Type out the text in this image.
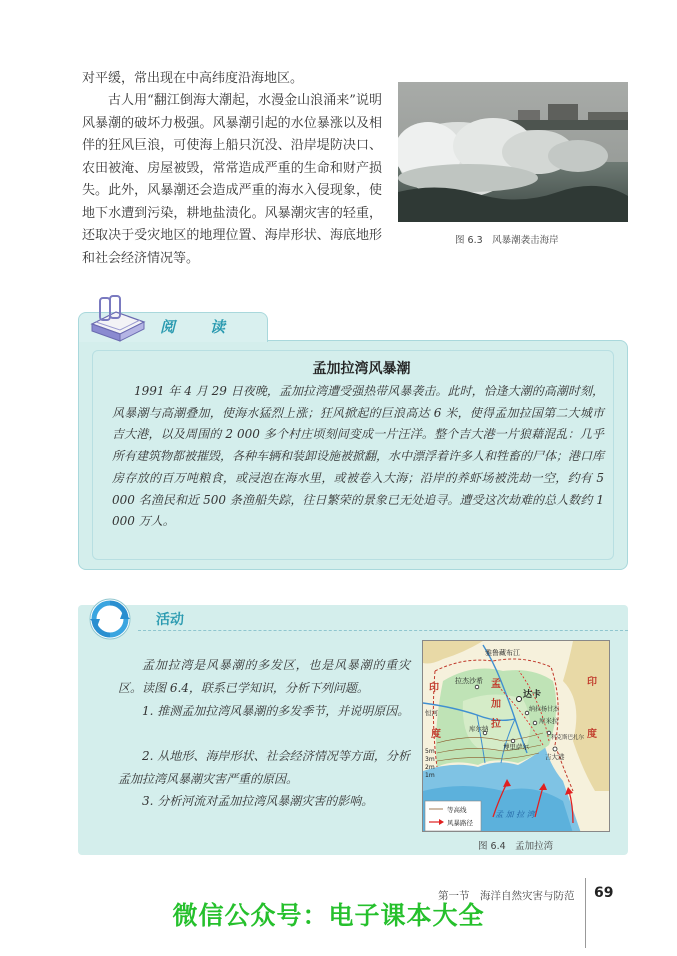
对平缓，常出现在中高纬度沿海地区。

古人用“翻江倒海大潮起，水漫金山浪涌来”说明风暴潮的破坏力极强。风暴潮引起的水位暴涨以及相伴的狂风巨浪，可使海上船只沉没、沿岸堤防决口、农田被淹、房屋被毁，常常造成严重的生命和财产损失。此外，风暴潮还会造成严重的海水入侵现象，使地下水遭到污染，耕地盐渍化。风暴潮灾害的轻重，还取决于受灾地区的地理位置、海岸形状、海底地形和社会经济情况等。

图 6.3　风暴潮袭击海岸
阅　读
孟加拉湾风暴潮

1991 年 4 月 29 日夜晚，孟加拉湾遭受强热带风暴袭击。此时，恰逢大潮的高潮时刻，风暴潮与高潮叠加，使海水猛烈上涨；狂风掀起的巨浪高达 6 米，使得孟加拉国第二大城市吉大港，以及周围的 2 000 多个村庄顷刻间变成一片汪洋。整个吉大港一片狼藉混乱：几乎所有建筑物都被摧毁，各种车辆和装卸设施被掀翻，水中漂浮着许多人和牲畜的尸体；港口库房存放的百万吨粮食，或浸泡在海水里，或被卷入大海；沿岸的养虾场被洗劫一空，约有 5 000 名渔民和近 500 条渔船失踪，往日繁荣的景象已无处追寻。遭受这次劫难的总人数约 1 000 万人。

活动

孟加拉湾是风暴潮的多发区，也是风暴潮的重灾区。读图 6.4，联系已学知识，分析下列问题。

1. 推测孟加拉湾风暴潮的多发季节，并说明原因。

2. 从地形、海岸形状、社会经济情况等方面，分析孟加拉湾风暴潮灾害严重的原因。

3. 分析河流对孟加拉湾风暴潮灾害的影响。

雅鲁藏布江
印
度
印
度
拉杰沙希 孟
加
拉
达卡
纳拉扬甘杰
库米拉
库尔纳
博里萨尔
吉大港
科克斯巴扎尔
恒河
孟 加 拉 湾
5m
3m
2m
1m
等高线
风暴路径
图 6.4　孟加拉湾
第一节　海洋自然灾害与防范 69
微信公众号：电子课本大全
